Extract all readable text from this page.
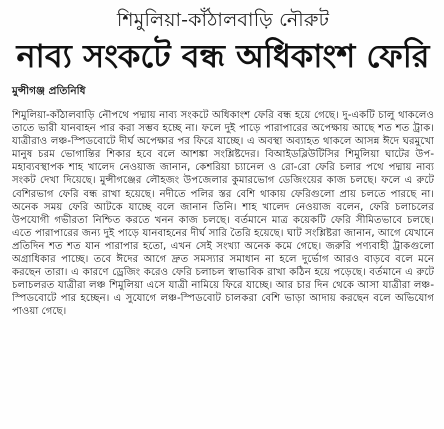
শিমুলিয়া-কাঁঠালবাড়ি নৌরুট
নাব্য সংকটে বন্ধ অধিকাংশ ফেরি
মুন্সীগঞ্জ প্রতিনিধি
শিমুলিয়া-কাঁঠালবাড়ি নৌপথে পদ্মায় নাব্য সংকটে অধিকাংশ ফেরি বন্ধ হয়ে গেছে। দু-একটি চালু থাকলেও তাতে ভারী যানবাহন পার করা সম্ভব হচ্ছে না। ফলে দুই পাড়ে পারাপারের অপেক্ষায় আছে শত শত ট্রাক। যাত্রীরাও লঞ্চ-স্পিডবোটে দীর্ঘ অপেক্ষার পর ফিরে যাচ্ছে। এ অবস্থা অব্যাহত থাকলে আসন্ন ঈদে ঘরমুখো মানুষ চরম ভোগান্তির শিকার হবে বলে আশঙ্কা সংশ্লিষ্টদের। বিআইডব্লিউটিসির শিমুলিয়া ঘাটের উপ-মহাব্যবস্থাপক শাহ খালেদ নেওয়াজ জানান, কেশরিয়া চ্যানেল ও রো-রো ফেরি চলার পথে পদ্মায় নাব্য সংকট দেখা দিয়েছে। মুন্সীগঞ্জের লৌহজং উপজেলার কুমারভোগ ডেজিংয়ের কাজ চলছে। ফলে এ রুটে বেশিরভাগ ফেরি বন্ধ রাখা হয়েছে। নদীতে পলির স্তর বেশি থাকায় ফেরিগুলো প্রায় চলতে পারছে না। অনেক সময় ফেরি আটকে যাচ্ছে বলে জানান তিনি। শাহ খালেদ নেওয়াজ বলেন, ফেরি চলাচলের উপযোগী গভীরতা নিশ্চিত করতে খনন কাজ চলছে। বর্তমানে মাত্র কয়েকটি ফেরি সীমিতভাবে চলছে। এতে পারাপারের জন্য দুই পাড়ে যানবাহনের দীর্ঘ সারি তৈরি হয়েছে। ঘাট সংশ্লিষ্টরা জানান, আগে যেখানে প্রতিদিন শত শত যান পারাপার হতো, এখন সেই সংখ্যা অনেক কমে গেছে। জরুরি পণ্যবাহী ট্রাকগুলো অগ্রাধিকার পাচ্ছে। তবে ঈদের আগে দ্রুত সমস্যার সমাধান না হলে দুর্ভোগ আরও বাড়বে বলে মনে করছেন তারা। এ কারণে ড্রেজিং করেও ফেরি চলাচল স্বাভাবিক রাখা কঠিন হয়ে পড়েছে। বর্তমানে এ রুটে চলাচলরত যাত্রীরা লঞ্চ শিমুলিয়া এসে যাত্রী নামিয়ে ফিরে যাচ্ছে। আর চার দিন থেকে আসা যাত্রীরা লঞ্চ-স্পিডবোটে পার হচ্ছেন। এ সুযোগে লঞ্চ-স্পিডবোট চালকরা বেশি ভাড়া আদায় করছেন বলে অভিযোগ পাওয়া গেছে।
